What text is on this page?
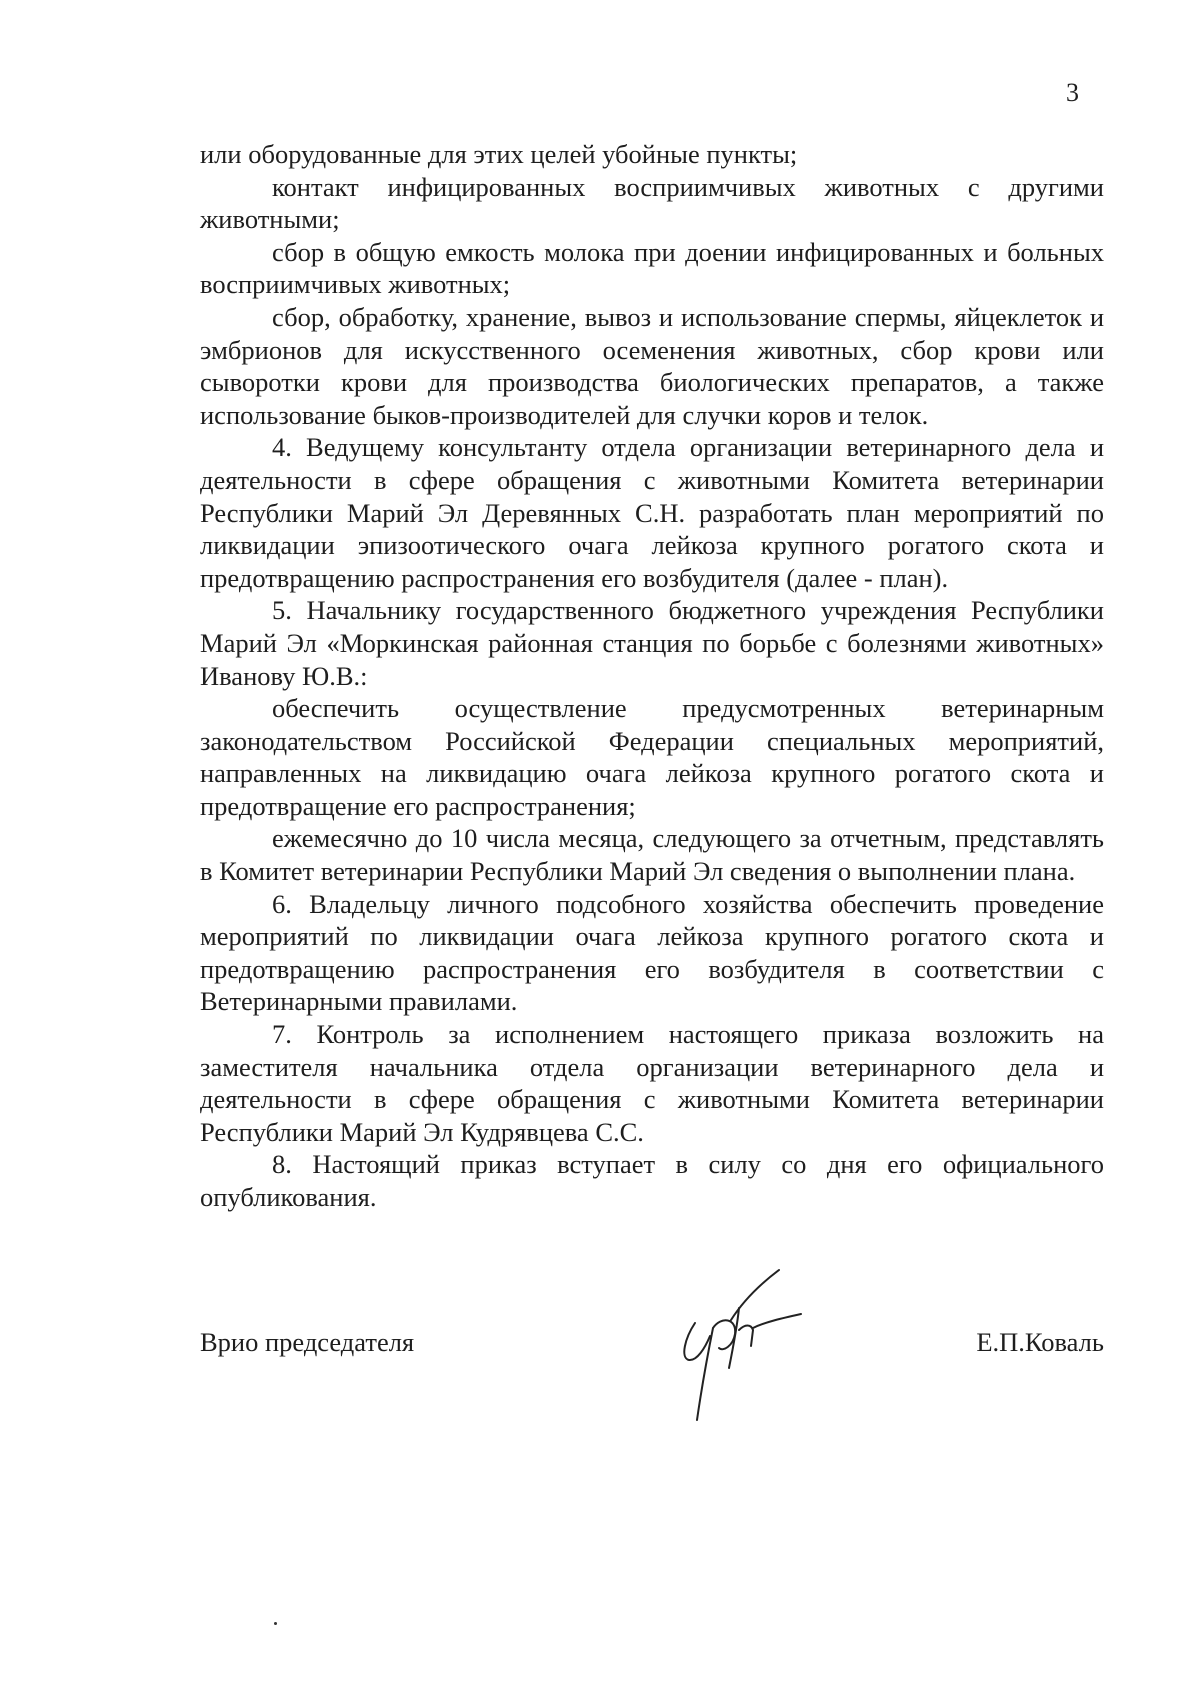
3

или оборудованные для этих целей убойные пункты;

контакт инфицированных восприимчивых животных с другими животными;

сбор в общую емкость молока при доении инфицированных и больных восприимчивых животных;

сбор, обработку, хранение, вывоз и использование спермы, яйцеклеток и эмбрионов для искусственного осеменения животных, сбор крови или сыворотки крови для производства биологических препаратов, а также использование быков-производителей для случки коров и телок.

4. Ведущему консультанту отдела организации ветеринарного дела и деятельности в сфере обращения с животными Комитета ветеринарии Республики Марий Эл Деревянных С.Н. разработать план мероприятий по ликвидации эпизоотического очага лейкоза крупного рогатого скота и предотвращению распространения его возбудителя (далее - план).

5. Начальнику государственного бюджетного учреждения Республики Марий Эл «Моркинская районная станция по борьбе с болезнями животных» Иванову Ю.В.:

обеспечить осуществление предусмотренных ветеринарным законодательством Российской Федерации специальных мероприятий, направленных на ликвидацию очага лейкоза крупного рогатого скота и предотвращение его распространения;

ежемесячно до 10 числа месяца, следующего за отчетным, представлять в Комитет ветеринарии Республики Марий Эл сведения о выполнении плана.

6. Владельцу личного подсобного хозяйства обеспечить проведение мероприятий по ликвидации очага лейкоза крупного рогатого скота и предотвращению распространения его возбудителя в соответствии с Ветеринарными правилами.

7. Контроль за исполнением настоящего приказа возложить на заместителя начальника отдела организации ветеринарного дела и деятельности в сфере обращения с животными Комитета ветеринарии Республики Марий Эл Кудрявцева С.С.

8. Настоящий приказ вступает в силу со дня его официального опубликования.

Врио председателя	Е.П.Коваль
